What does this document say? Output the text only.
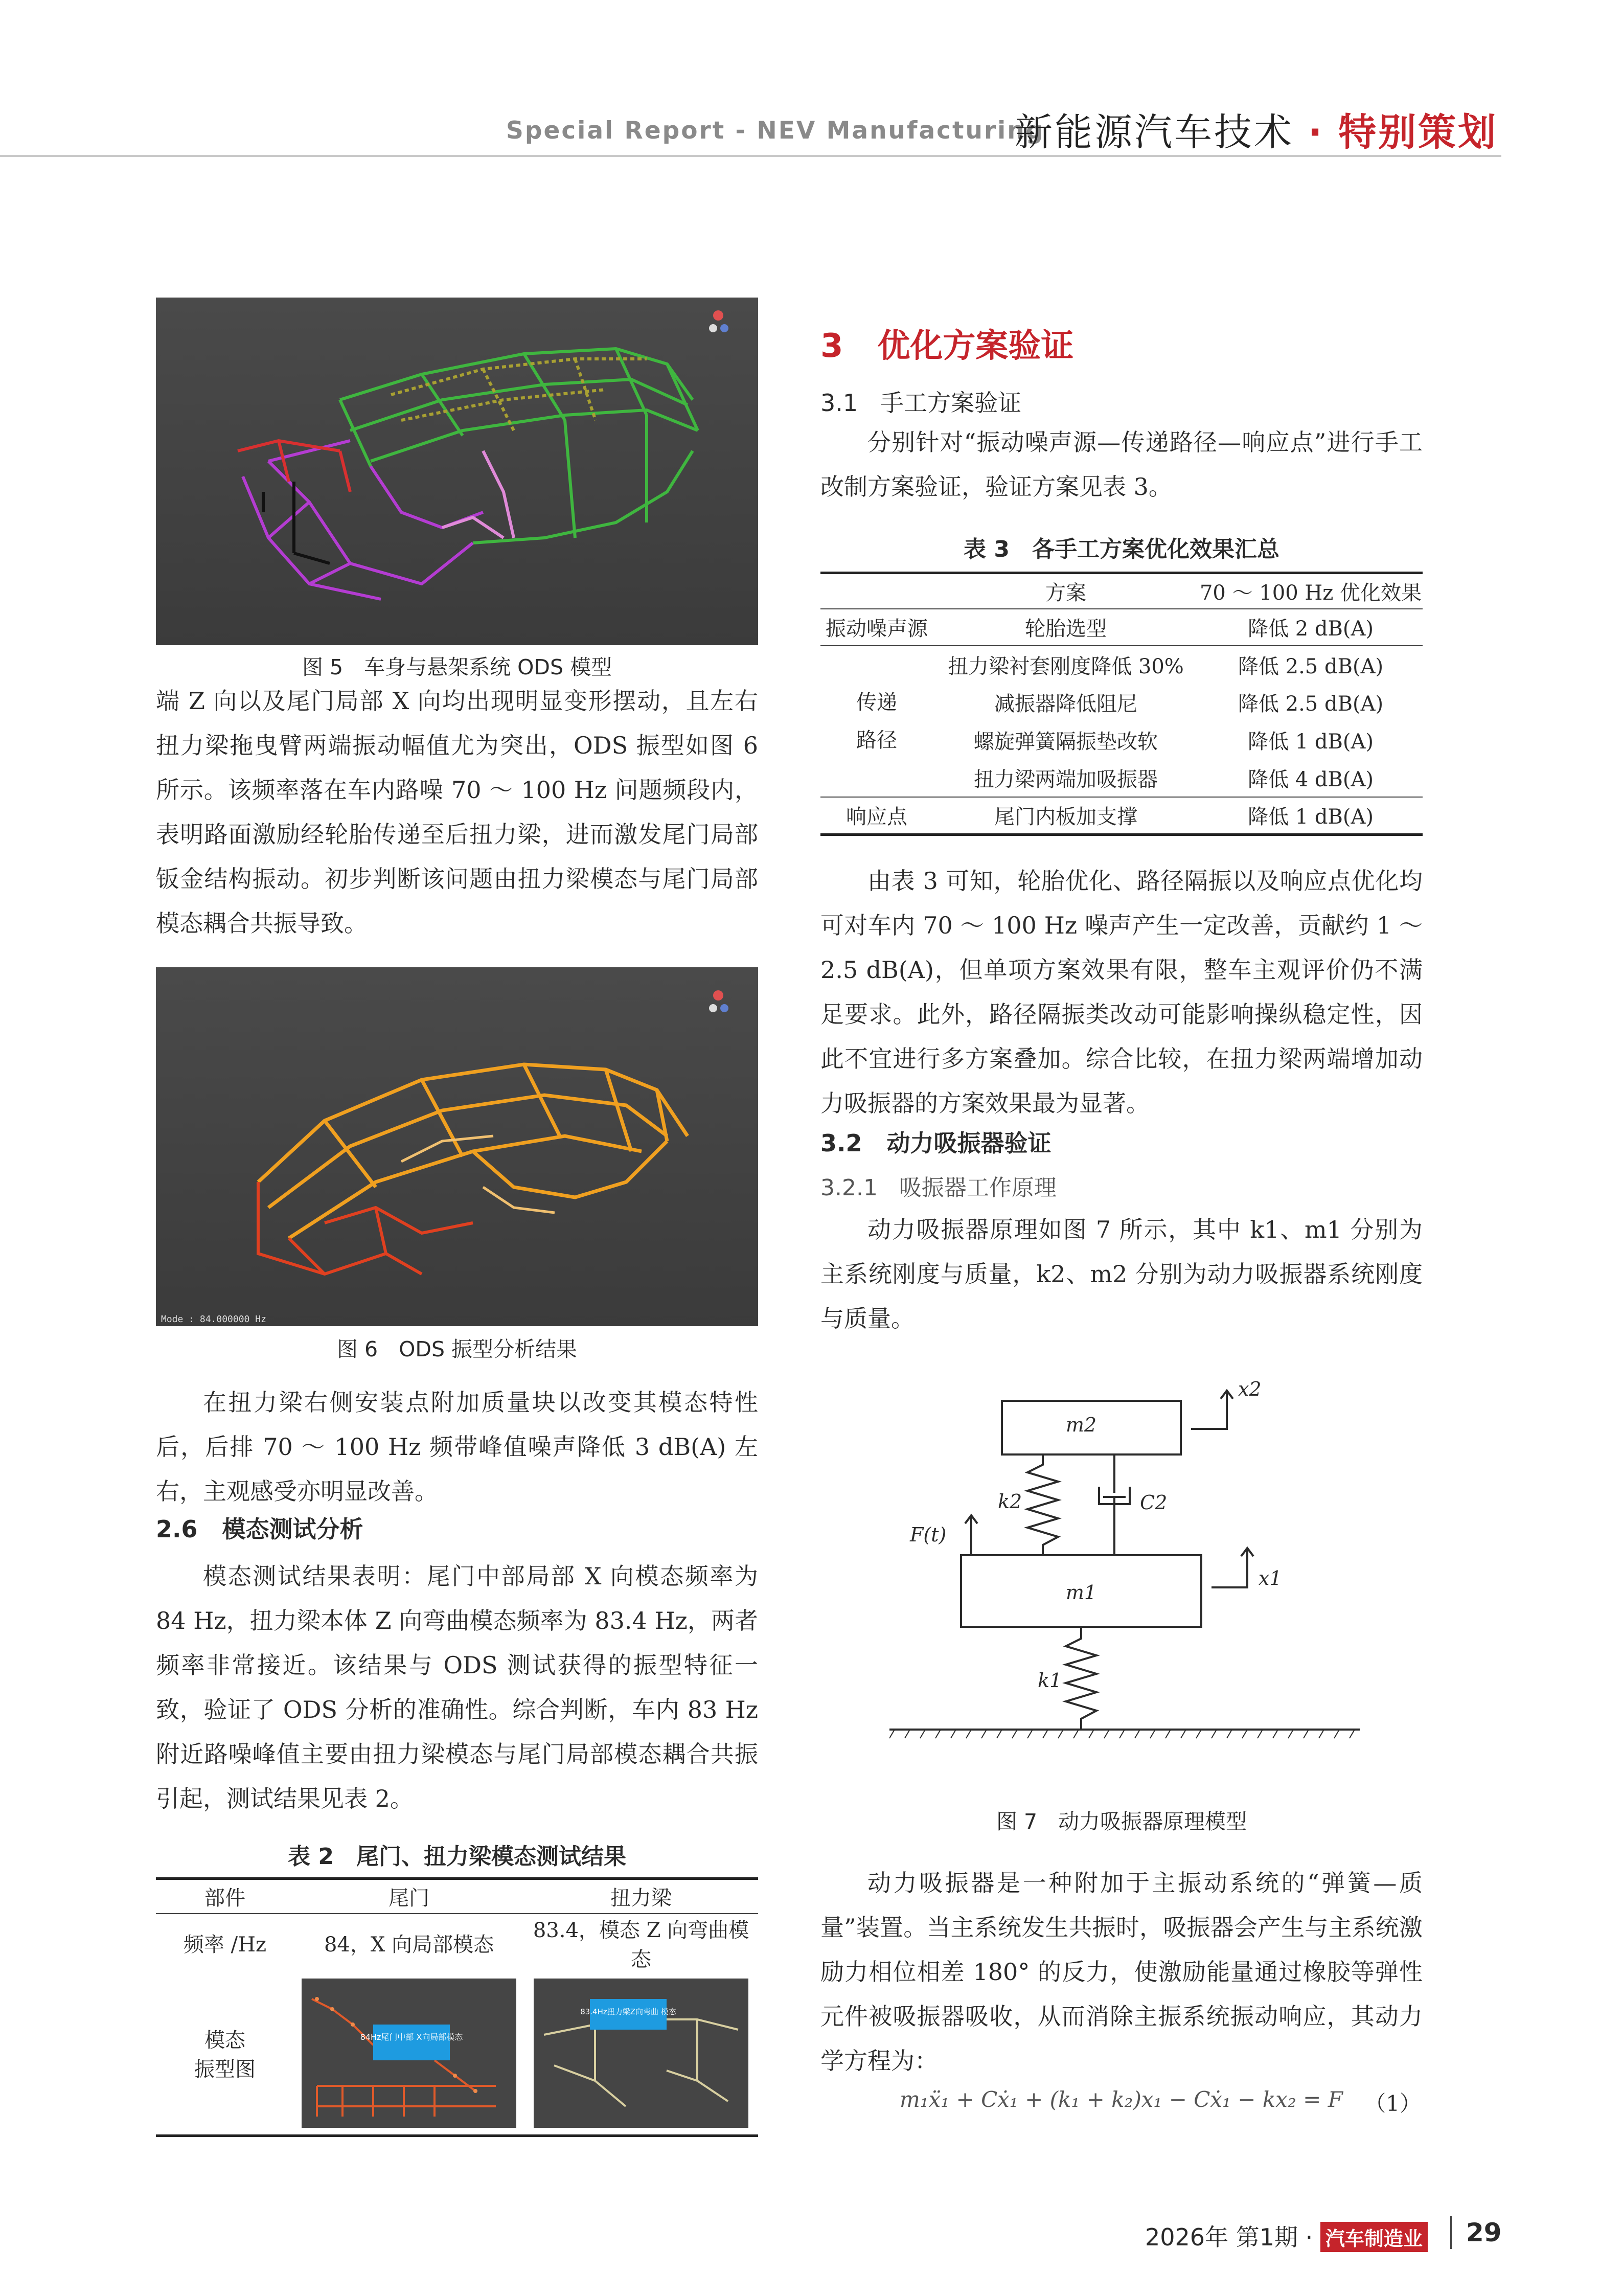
Special Report - NEV Manufacturing
新能源汽车技术 · 特别策划
图 5　车身与悬架系统 ODS 模型
端 Z 向以及尾门局部 X 向均出现明显变形摆动，且左右扭力梁拖曳臂两端振动幅值尤为突出，ODS 振型如图 6 所示。该频率落在车内路噪 70 ～ 100 Hz 问题频段内，表明路面激励经轮胎传递至后扭力梁，进而激发尾门局部钣金结构振动。初步判断该问题由扭力梁模态与尾门局部模态耦合共振导致。
Mode : 84.000000 Hz
图 6　ODS 振型分析结果
在扭力梁右侧安装点附加质量块以改变其模态特性后，后排 70 ～ 100 Hz 频带峰值噪声降低 3 dB(A) 左右，主观感受亦明显改善。
2.6 模态测试分析
模态测试结果表明：尾门中部局部 X 向模态频率为 84 Hz，扭力梁本体 Z 向弯曲模态频率为 83.4 Hz，两者频率非常接近。该结果与 ODS 测试获得的振型特征一致，验证了 ODS 分析的准确性。综合判断，车内 83 Hz 附近路噪峰值主要由扭力梁模态与尾门局部模态耦合共振引起，测试结果见表 2。
表 2　尾门、扭力梁模态测试结果
部件	尾门	扭力梁
频率 /Hz	84，X 向局部模态	83.4，模态 Z 向弯曲模态

模态
振型图	84Hz尾门中部 X向局部模态	83.4Hz扭力梁Z向弯曲 模态
3 优化方案验证
3.1 手工方案验证
分别针对“振动噪声源—传递路径—响应点”进行手工改制方案验证，验证方案见表 3。
表 3　各手工方案优化效果汇总
	方案	70 ～ 100 Hz 优化效果
振动噪声源	轮胎选型	降低 2 dB(A)

传递
路径	扭力梁衬套刚度降低 30%	降低 2.5 dB(A)
	减振器降低阻尼	降低 2.5 dB(A)
	螺旋弹簧隔振垫改软	降低 1 dB(A)
	扭力梁两端加吸振器	降低 4 dB(A)
响应点	尾门内板加支撑	降低 1 dB(A)
由表 3 可知，轮胎优化、路径隔振以及响应点优化均可对车内 70 ～ 100 Hz 噪声产生一定改善，贡献约 1 ～ 2.5 dB(A)，但单项方案效果有限，整车主观评价仍不满足要求。此外，路径隔振类改动可能影响操纵稳定性，因此不宜进行多方案叠加。综合比较，在扭力梁两端增加动力吸振器的方案效果最为显著。
3.2 动力吸振器验证
3.2.1 吸振器工作原理
动力吸振器原理如图 7 所示，其中 k1、m1 分别为主系统刚度与质量，k2、m2 分别为动力吸振器系统刚度与质量。
m2
m1
k2
k1
C2
F(t)
x2
x1
图 7　动力吸振器原理模型
动力吸振器是一种附加于主振动系统的“弹簧—质量”装置。当主系统发生共振时，吸振器会产生与主系统激励力相位相差 180° 的反力，使激励能量通过橡胶等弹性元件被吸振器吸收，从而消除主振系统振动响应，其动力学方程为：
m₁ẍ₁ + Cẋ₁ + (k₁ + k₂)x₁ − Cẋ₁ − kx₂ = F （1）
2026年 第1期 · 汽车制造业 29
